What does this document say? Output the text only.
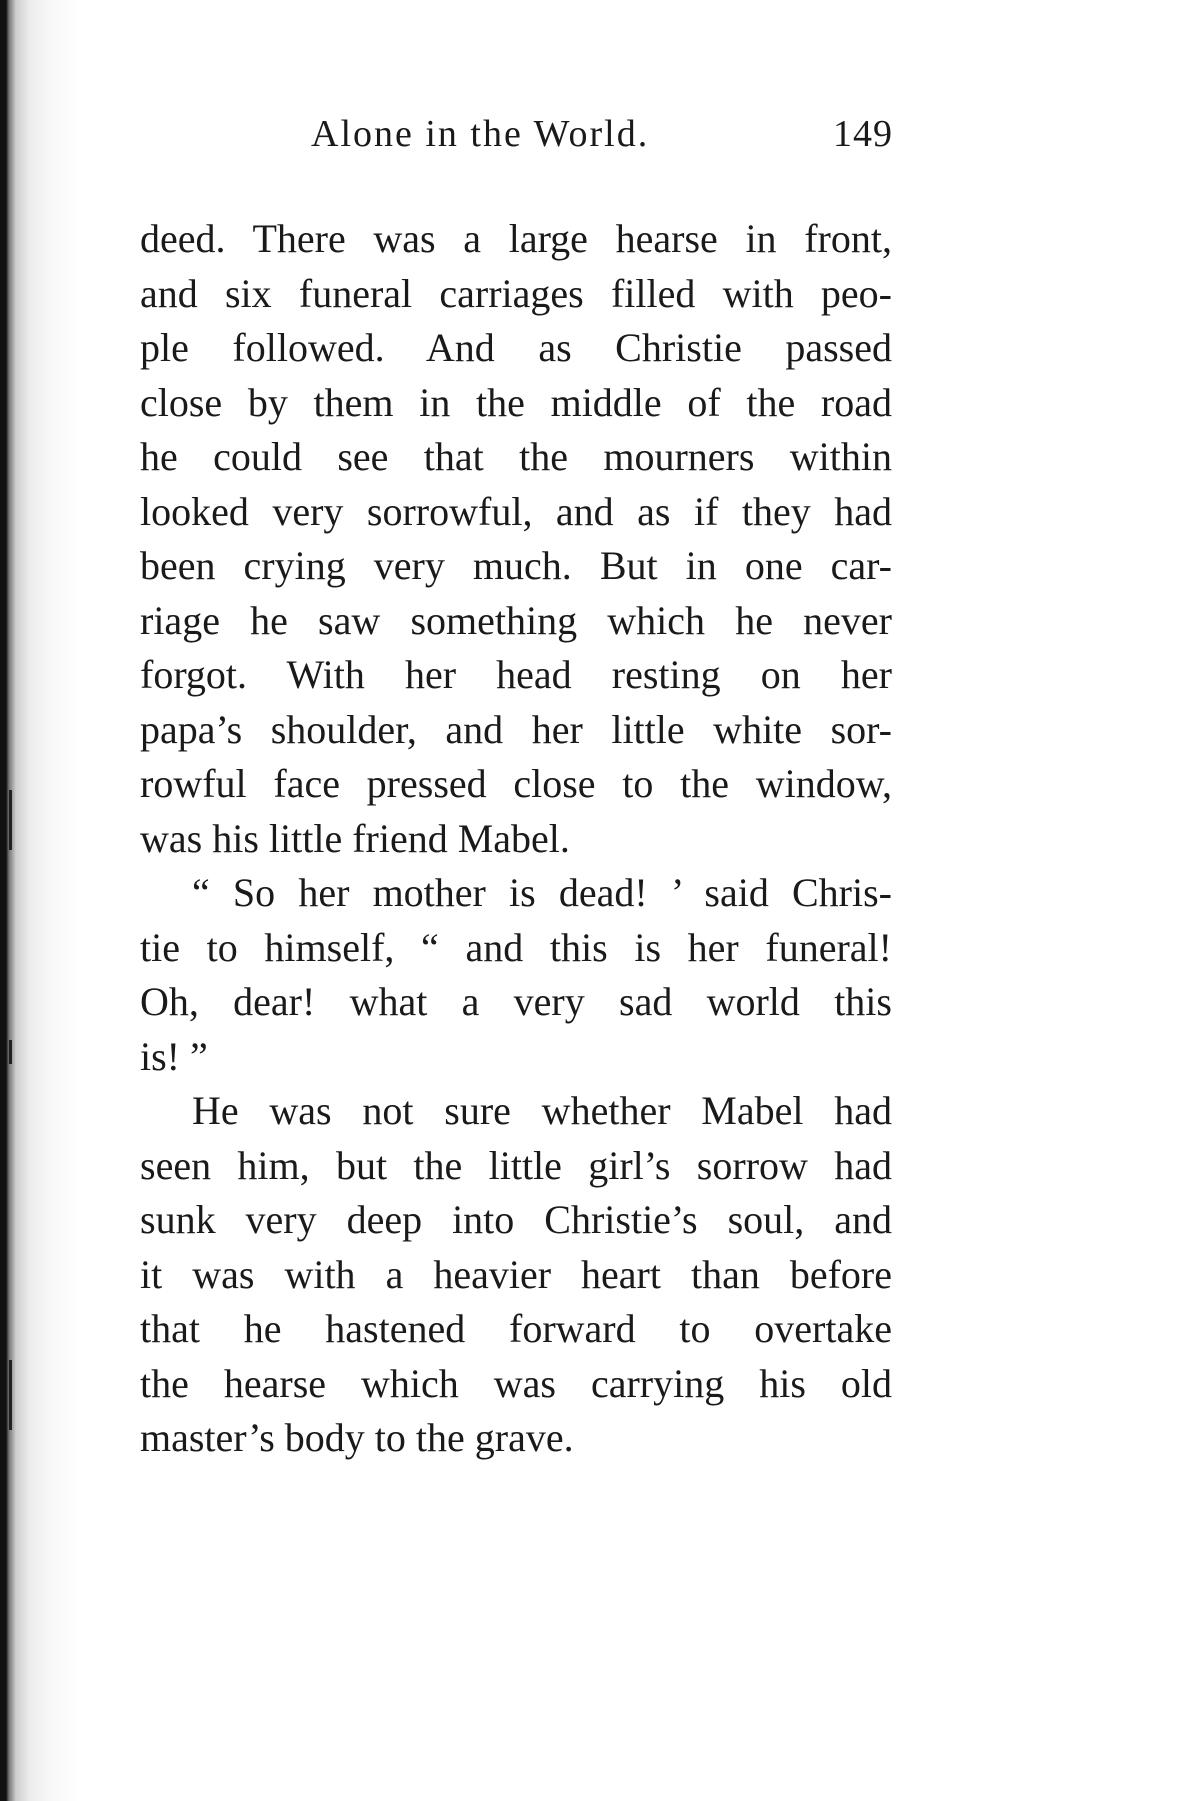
Alone in the World.	149
deed. There was a large hearse in front,
and six funeral carriages filled with peo-
ple followed. And as Christie passed
close by them in the middle of the road
he could see that the mourners within
looked very sorrowful, and as if they had
been crying very much. But in one car-
riage he saw something which he never
forgot. With her head resting on her
papa’s shoulder, and her little white sor-
rowful face pressed close to the window,
was his little friend Mabel.
“ So her mother is dead! ’ said Chris-
tie to himself, “ and this is her funeral!
Oh, dear! what a very sad world this
is! ”
He was not sure whether Mabel had
seen him, but the little girl’s sorrow had
sunk very deep into Christie’s soul, and
it was with a heavier heart than before
that he hastened forward to overtake
the hearse which was carrying his old
master’s body to the grave.
